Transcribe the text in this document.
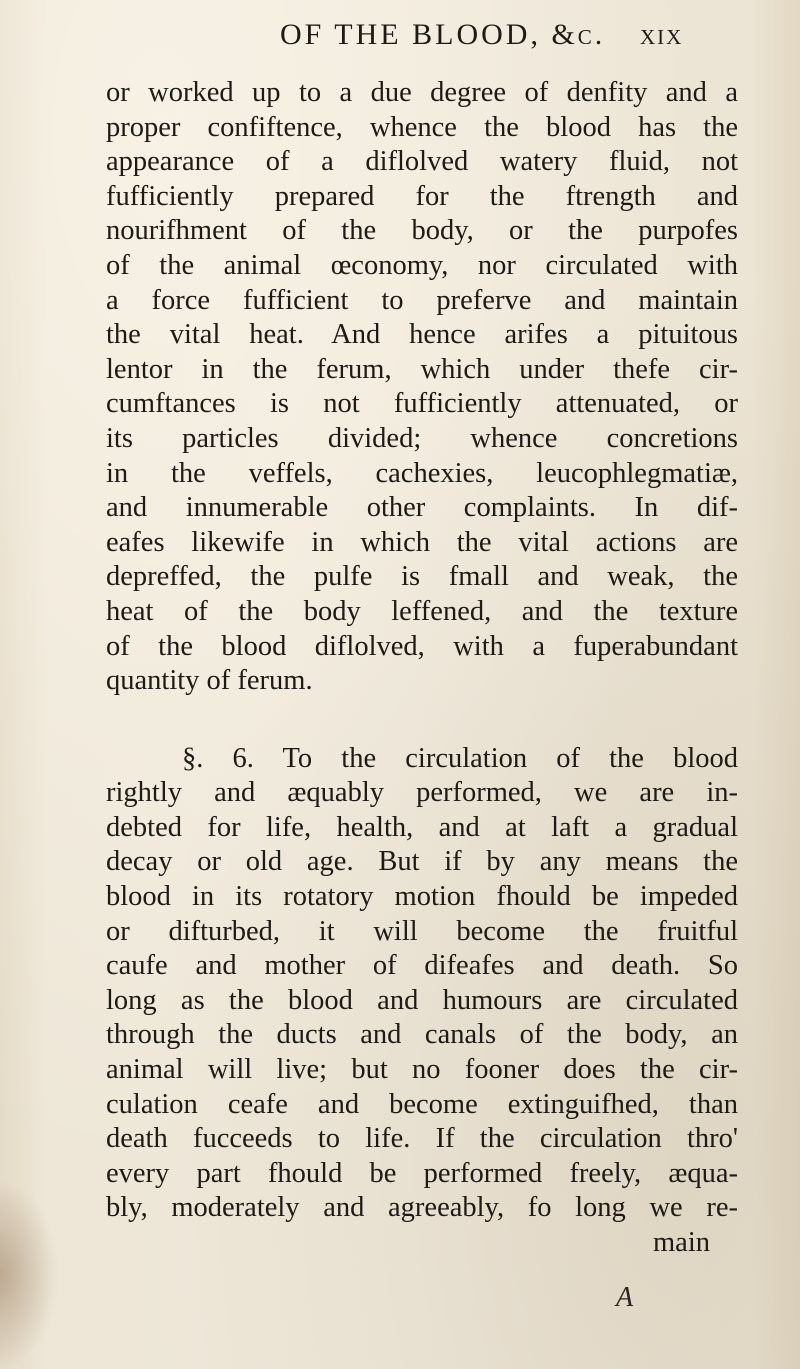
OF THE BLOOD, &c. xix
or worked up to a due degree of denfity and a
proper confiftence, whence the blood has the
appearance of a diflolved watery fluid, not
fufficiently prepared for the ftrength and
nourifhment of the body, or the purpofes
of the animal œconomy, nor circulated with
a force fufficient to preferve and maintain
the vital heat. And hence arifes a pituitous
lentor in the ferum, which under thefe cir-
cumftances is not fufficiently attenuated, or
its particles divided; whence concretions
in the veffels, cachexies, leucophlegmatiæ,
and innumerable other complaints. In dif-
eafes likewife in which the vital actions are
depreffed, the pulfe is fmall and weak, the
heat of the body leffened, and the texture
of the blood diflolved, with a fuperabundant
quantity of ferum.
§. 6. To the circulation of the blood
rightly and æquably performed, we are in-
debted for life, health, and at laft a gradual
decay or old age. But if by any means the
blood in its rotatory motion fhould be impeded
or difturbed, it will become the fruitful
caufe and mother of difeafes and death. So
long as the blood and humours are circulated
through the ducts and canals of the body, an
animal will live; but no fooner does the cir-
culation ceafe and become extinguifhed, than
death fucceeds to life. If the circulation thro'
every part fhould be performed freely, æqua-
bly, moderately and agreeably, fo long we re-
main
A
